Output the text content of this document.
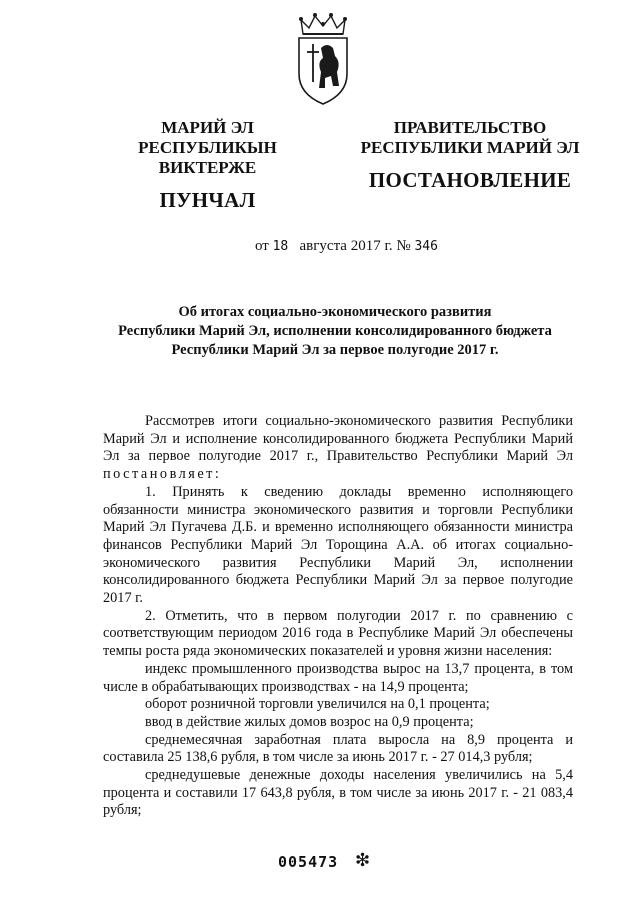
МАРИЙ ЭЛ РЕСПУБЛИКЫН
ВИКТЕРЖЕ
ПУНЧАЛ
ПРАВИТЕЛЬСТВО
РЕСПУБЛИКИ МАРИЙ ЭЛ
ПОСТАНОВЛЕНИЕ
от 18 августа 2017 г. № 346
Об итогах социально-экономического развития
Республики Марий Эл, исполнении консолидированного бюджета
Республики Марий Эл за первое полугодие 2017 г.

Рассмотрев итоги социально-экономического развития Республики Марий Эл и исполнение консолидированного бюджета Республики Марий Эл за первое полугодие 2017 г., Правительство Республики Марий Эл постановляет:

1. Принять к сведению доклады временно исполняющего обязанности министра экономического развития и торговли Республики Марий Эл Пугачева Д.Б. и временно исполняющего обязанности министра финансов Республики Марий Эл Торощина А.А. об итогах социально-экономического развития Республики Марий Эл, исполнении консолидированного бюджета Республики Марий Эл за первое полугодие 2017 г.

2. Отметить, что в первом полугодии 2017 г. по сравнению с соответствующим периодом 2016 года в Республике Марий Эл обеспечены темпы роста ряда экономических показателей и уровня жизни населения:

индекс промышленного производства вырос на 13,7 процента, в том числе в обрабатывающих производствах - на 14,9 процента;

оборот розничной торговли увеличился на 0,1 процента;

ввод в действие жилых домов возрос на 0,9 процента;

среднемесячная заработная плата выросла на 8,9 процента и составила 25 138,6 рубля, в том числе за июнь 2017 г. - 27 014,3 рубля;

среднедушевые денежные доходы населения увеличились на 5,4 процента и составили 17 643,8 рубля, в том числе за июнь 2017 г. - 21 083,4 рубля;

005473 ❇
